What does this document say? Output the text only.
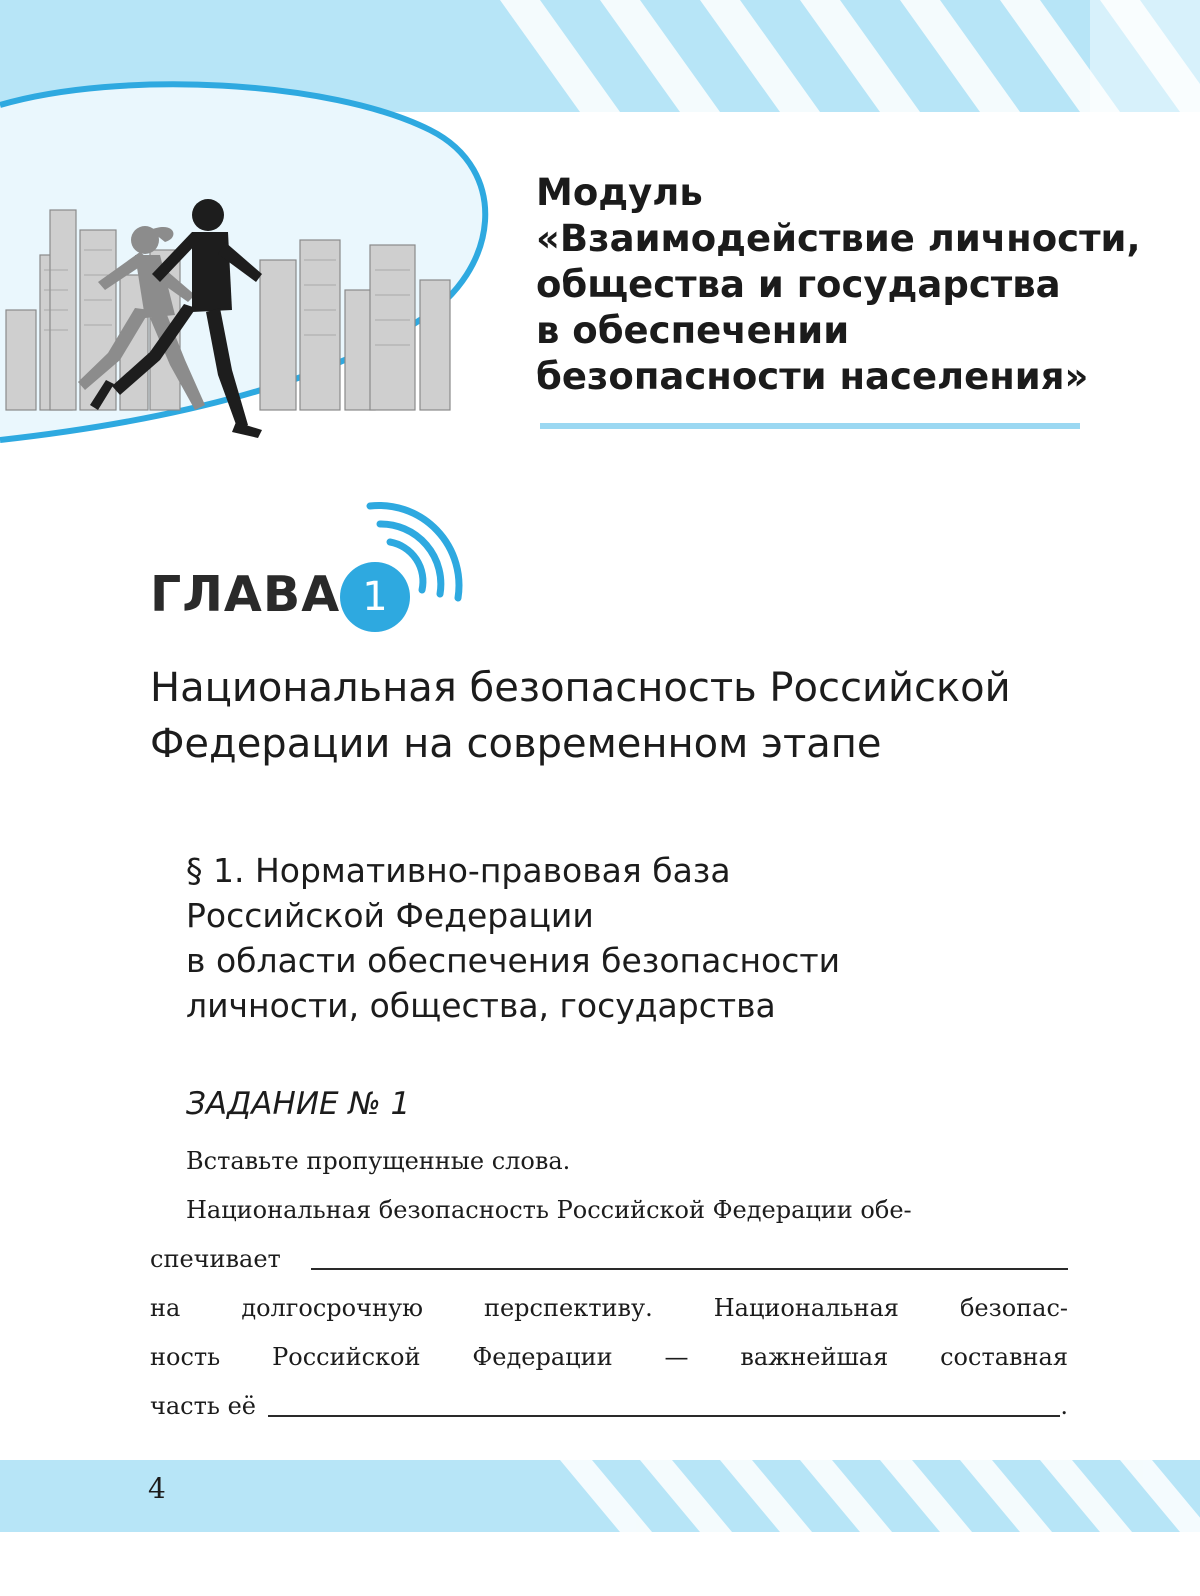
Модуль
«Взаимодействие личности,
общества и государства
в обеспечении
безопасности населения»
ГЛАВА 1
Национальная безопасность Российской
Федерации на современном этапе
§ 1. Нормативно-правовая база
Российской Федерации
в области обеспечения безопасности
личности, общества, государства
ЗАДАНИЕ № 1
Вставьте пропущенные слова.
Национальная безопасность Российской Федерации обе-
спечивает
на	долгосрочную	перспективу.	Национальная	безопас-
ность Российской Федерации — важнейшая составная
часть её	.
4
